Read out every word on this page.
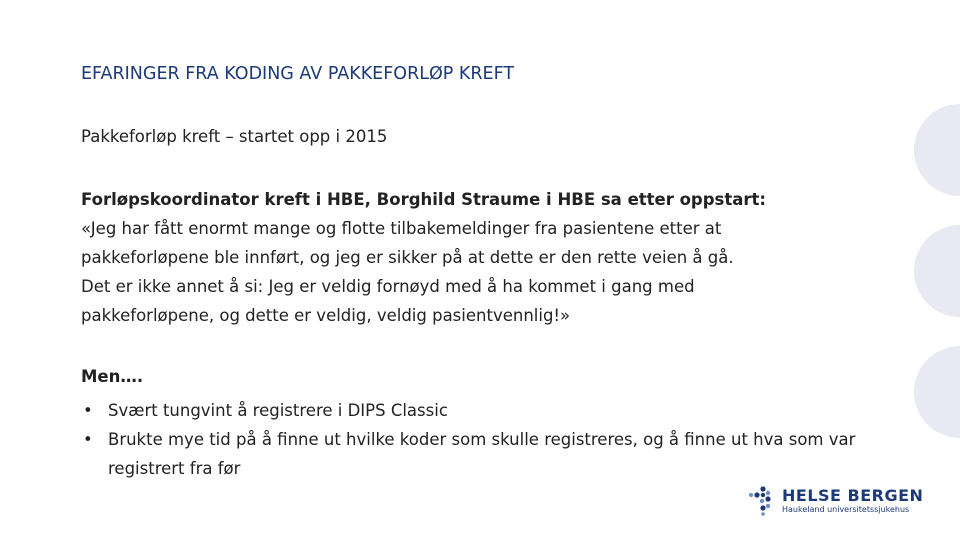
EFARINGER FRA KODING AV PAKKEFORLØP KREFT
Pakkeforløp kreft – startet opp i 2015

Forløpskoordinator kreft i HBE, Borghild Straume i HBE sa etter oppstart:

«Jeg har fått enormt mange og flotte tilbakemeldinger fra pasientene etter at

pakkeforløpene ble innført, og jeg er sikker på at dette er den rette veien å gå.

Det er ikke annet å si: Jeg er veldig fornøyd med å ha kommet i gang med

pakkeforløpene, og dette er veldig, veldig pasientvennlig!»

Men….
• Svært tungvint å registrere i DIPS Classic
• Brukte mye tid på å finne ut hvilke koder som skulle registreres, og å finne ut hva som var registrert fra før
HELSE BERGEN
Haukeland universitetssjukehus
